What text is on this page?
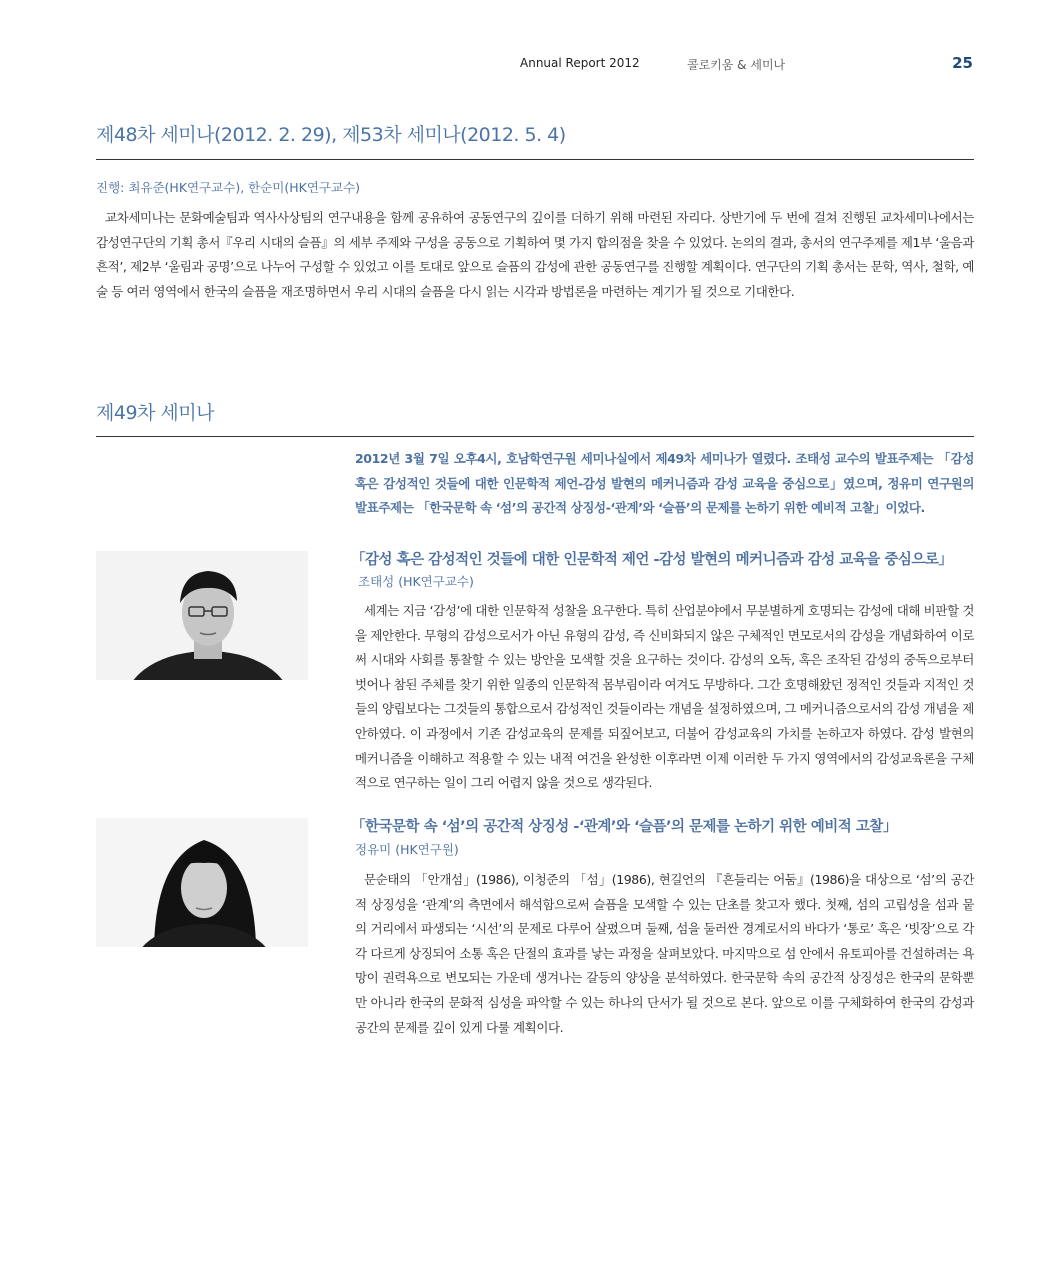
Annual Report 2012	콜로키움 & 세미나	25
제48차 세미나(2012. 2. 29), 제53차 세미나(2012. 5. 4)
진행: 최유준(HK연구교수), 한순미(HK연구교수)

교차세미나는 문화예술팀과 역사사상팀의 연구내용을 함께 공유하여 공동연구의 깊이를 더하기 위해 마련된 자리다. 상반기에 두 번에 걸쳐 진행된 교차세미나에서는 감성연구단의 기획 총서『우리 시대의 슬픔』의 세부 주제와 구성을 공동으로 기획하여 몇 가지 합의점을 찾을 수 있었다. 논의의 결과, 총서의 연구주제를 제1부 ‘울음과 흔적’, 제2부 ‘울림과 공명’으로 나누어 구성할 수 있었고 이를 토대로 앞으로 슬픔의 감성에 관한 공동연구를 진행할 계획이다. 연구단의 기획 총서는 문학, 역사, 철학, 예술 등 여러 영역에서 한국의 슬픔을 재조명하면서 우리 시대의 슬픔을 다시 읽는 시각과 방법론을 마련하는 계기가 될 것으로 기대한다.

제49차 세미나

2012년 3월 7일 오후4시, 호남학연구원 세미나실에서 제49차 세미나가 열렸다. 조태성 교수의 발표주제는 「감성 혹은 감성적인 것들에 대한 인문학적 제언-감성 발현의 메커니즘과 감성 교육을 중심으로」였으며, 정유미 연구원의 발표주제는 「한국문학 속 ‘섬’의 공간적 상징성-‘관계’와 ‘슬픔’의 문제를 논하기 위한 예비적 고찰」이었다.

「감성 혹은 감성적인 것들에 대한 인문학적 제언 -감성 발현의 메커니즘과 감성 교육을 중심으로」
조태성 (HK연구교수)

세계는 지금 ‘감성’에 대한 인문학적 성찰을 요구한다. 특히 산업분야에서 무분별하게 호명되는 감성에 대해 비판할 것을 제안한다. 무형의 감성으로서가 아닌 유형의 감성, 즉 신비화되지 않은 구체적인 면모로서의 감성을 개념화하여 이로써 시대와 사회를 통찰할 수 있는 방안을 모색할 것을 요구하는 것이다. 감성의 오독, 혹은 조작된 감성의 중독으로부터 벗어나 참된 주체를 찾기 위한 일종의 인문학적 몸부림이라 여겨도 무방하다. 그간 호명해왔던 정적인 것들과 지적인 것들의 양립보다는 그것들의 통합으로서 감성적인 것들이라는 개념을 설정하였으며, 그 메커니즘으로서의 감성 개념을 제안하였다. 이 과정에서 기존 감성교육의 문제를 되짚어보고, 더불어 감성교육의 가치를 논하고자 하였다. 감성 발현의 메커니즘을 이해하고 적용할 수 있는 내적 여건을 완성한 이후라면 이제 이러한 두 가지 영역에서의 감성교육론을 구체적으로 연구하는 일이 그리 어렵지 않을 것으로 생각된다.

「한국문학 속 ‘섬’의 공간적 상징성 -‘관계’와 ‘슬픔’의 문제를 논하기 위한 예비적 고찰」
정유미 (HK연구원)

문순태의 「안개섬」(1986), 이청준의 「섬」(1986), 현길언의 『흔들리는 어둠』(1986)을 대상으로 ‘섬’의 공간적 상징성을 ‘관계’의 측면에서 해석함으로써 슬픔을 모색할 수 있는 단초를 찾고자 했다. 첫째, 섬의 고립성을 섬과 뭍의 거리에서 파생되는 ‘시선’의 문제로 다루어 살폈으며 둘째, 섬을 둘러싼 경계로서의 바다가 ‘통로’ 혹은 ‘빗장’으로 각각 다르게 상징되어 소통 혹은 단절의 효과를 낳는 과정을 살펴보았다. 마지막으로 섬 안에서 유토피아를 건설하려는 욕망이 권력욕으로 변모되는 가운데 생겨나는 갈등의 양상을 분석하였다. 한국문학 속의 공간적 상징성은 한국의 문학뿐만 아니라 한국의 문화적 심성을 파악할 수 있는 하나의 단서가 될 것으로 본다. 앞으로 이를 구체화하여 한국의 감성과 공간의 문제를 깊이 있게 다룰 계획이다.
